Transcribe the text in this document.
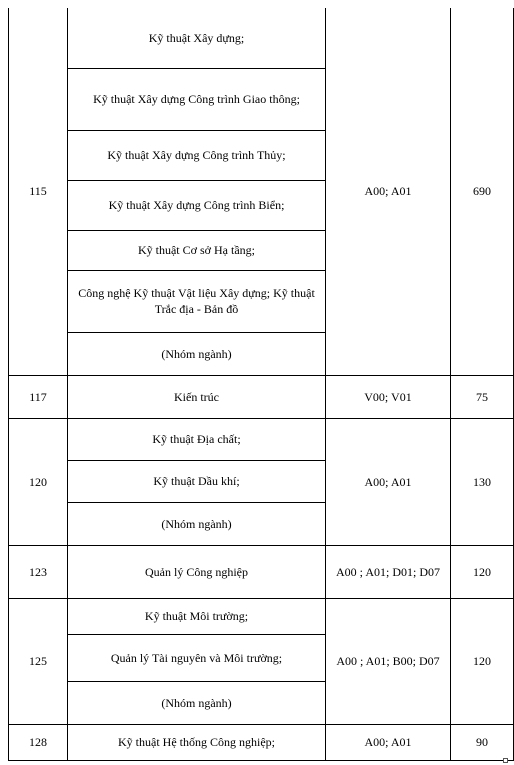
115	Kỹ thuật Xây dựng;	A00; A01	690
	Kỹ thuật Xây dựng Công trình Giao thông;		
	Kỹ thuật Xây dựng Công trình Thủy;		
	Kỹ thuật Xây dựng Công trình Biển;		
	Kỹ thuật Cơ sở Hạ tầng;		
	Công nghệ Kỹ thuật Vật liệu Xây dựng; Kỹ thuật Trắc địa - Bản đồ		
	(Nhóm ngành)		
117	Kiến trúc	V00; V01	75
120	Kỹ thuật Địa chất;	A00; A01	130
	Kỹ thuật Dầu khí;		
	(Nhóm ngành)		
123	Quản lý Công nghiệp	A00 ; A01; D01; D07	120
125	Kỹ thuật Môi trường;	A00 ; A01; B00; D07	120
	Quản lý Tài nguyên và Môi trường;		
	(Nhóm ngành)		
128	Kỹ thuật Hệ thống Công nghiệp;	A00; A01	90
